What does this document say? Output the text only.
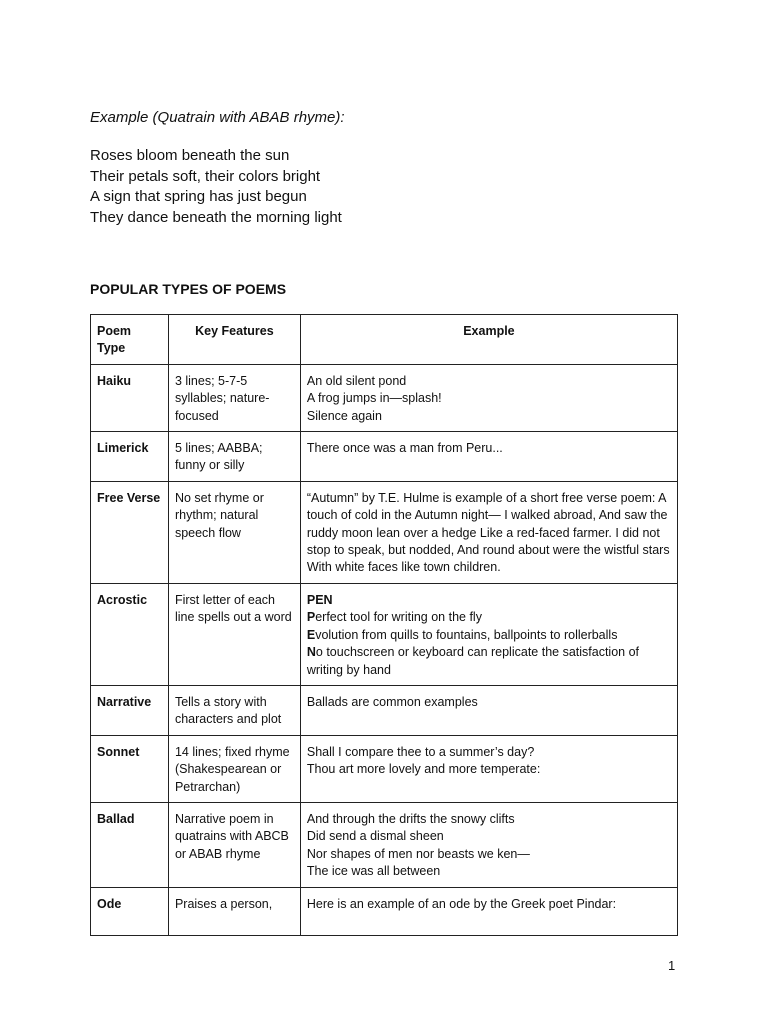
Example (Quatrain with ABAB rhyme):
Roses bloom beneath the sun
Their petals soft, their colors bright
A sign that spring has just begun
They dance beneath the morning light
POPULAR TYPES OF POEMS
Poem Type	Key Features	Example
Haiku	3 lines; 5-7-5 syllables; nature-focused	An old silent pond
A frog jumps in—splash!
Silence again

Limerick	5 lines; AABBA; funny or silly	There once was a man from Peru...

Free Verse	No set rhyme or rhythm; natural speech flow	“Autumn” by T.E. Hulme is example of a short free verse poem: A touch of cold in the Autumn night— I walked abroad, And saw the ruddy moon lean over a hedge Like a red-faced farmer. I did not stop to speak, but nodded, And round about were the wistful stars With white faces like town children.

Acrostic	First letter of each line spells out a word	PEN
Perfect tool for writing on the fly
Evolution from quills to fountains, ballpoints to rollerballs
No touchscreen or keyboard can replicate the satisfaction of writing by hand

Narrative	Tells a story with characters and plot	Ballads are common examples

Sonnet	14 lines; fixed rhyme (Shakespearean or Petrarchan)	Shall I compare thee to a summer’s day?
Thou art more lovely and more temperate:

Ballad	Narrative poem in quatrains with ABCB or ABAB rhyme	And through the drifts the snowy clifts
Did send a dismal sheen
Nor shapes of men nor beasts we ken—
The ice was all between

Ode	Praises a person,	Here is an example of an ode by the Greek poet Pindar:
1
